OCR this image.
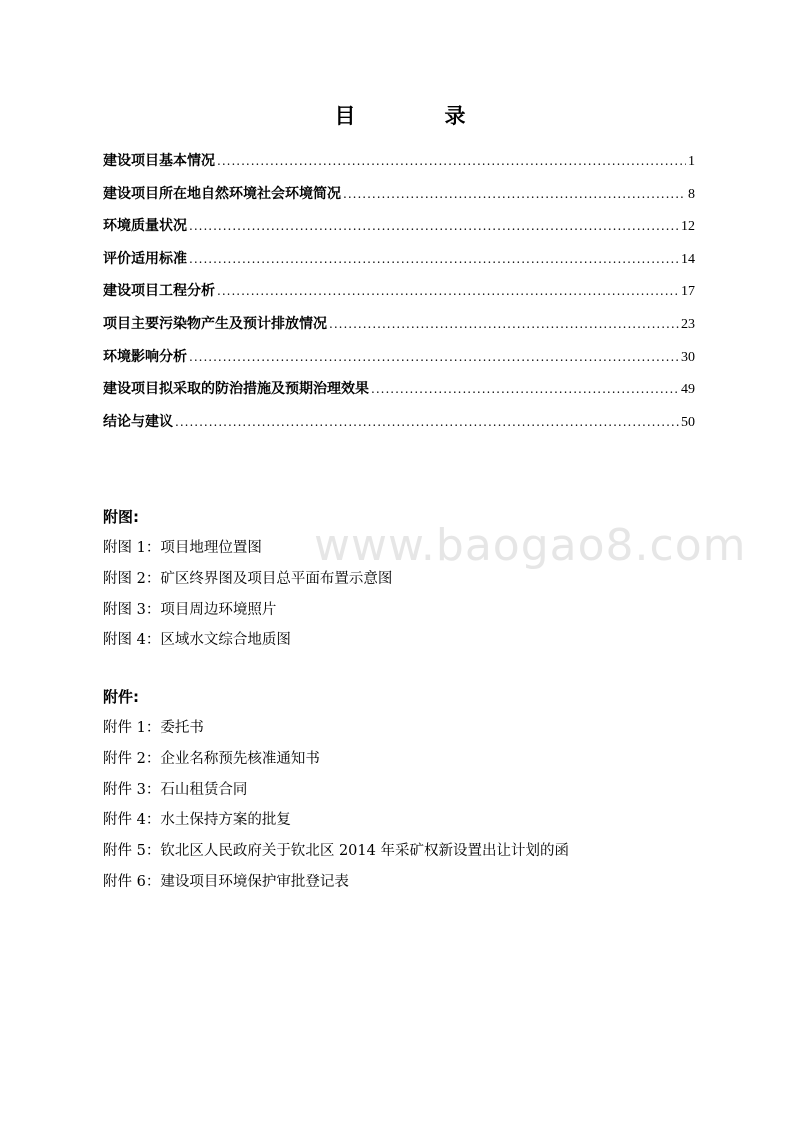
目　录
建设项目基本情况 .....	1
建设项目所在地自然环境社会环境简况 .....	8
环境质量状况 .....	12
评价适用标准 .....	14
建设项目工程分析 .....	17
项目主要污染物产生及预计排放情况 .....	23
环境影响分析 .....	30
建设项目拟采取的防治措施及预期治理效果 .....	49
结论与建议 .....	50
附图:
附图 1：项目地理位置图
附图 2：矿区终界图及项目总平面布置示意图
附图 3：项目周边环境照片
附图 4：区域水文综合地质图
附件:
附件 1：委托书
附件 2：企业名称预先核准通知书
附件 3：石山租赁合同
附件 4：水土保持方案的批复
附件 5：钦北区人民政府关于钦北区 2014 年采矿权新设置出让计划的函
附件 6：建设项目环境保护审批登记表
www.baogao8.com
